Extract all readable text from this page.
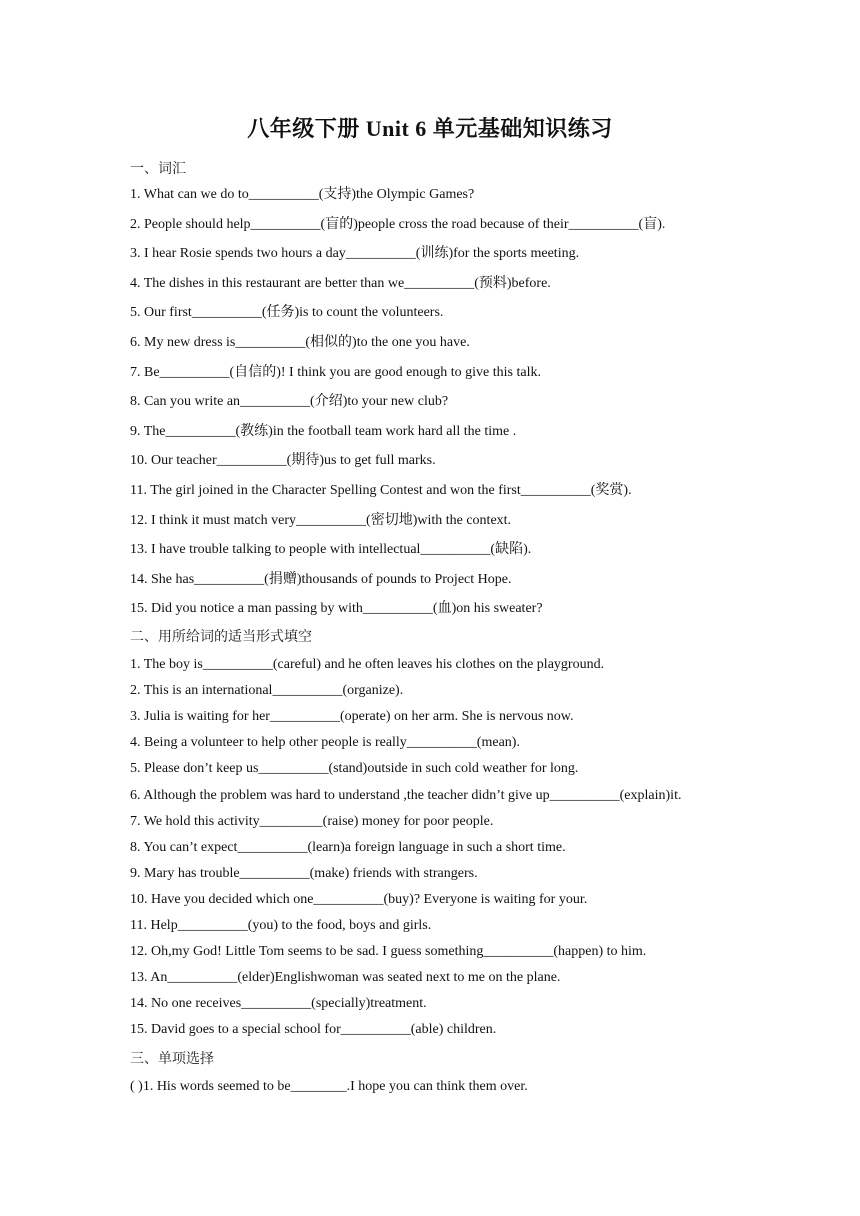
八年级下册 Unit 6 单元基础知识练习
一、词汇
1. What can we do to__________(支持)the Olympic Games?
2. People should help__________(盲的)people cross the road because of their__________(盲).
3. I hear Rosie spends two hours a day__________(训练)for the sports meeting.
4. The dishes in this restaurant are better than we__________(预料)before.
5. Our first__________(任务)is to count the volunteers.
6. My new dress is__________(相似的)to the one you have.
7. Be__________(自信的)! I think you are good enough to give this talk.
8. Can you write an__________(介绍)to your new club?
9. The__________(教练)in the football team work hard all the time .
10. Our teacher__________(期待)us to get full marks.
11. The girl joined in the Character Spelling Contest and won the first__________(奖赏).
12. I think it must match very__________(密切地)with the context.
13. I have trouble talking to people with intellectual__________(缺陷).
14. She has__________(捐赠)thousands of pounds to Project Hope.
15. Did you notice a man passing by with__________(血)on his sweater?
二、用所给词的适当形式填空
1. The boy is__________(careful) and he often leaves his clothes on the playground.
2. This is an international__________(organize).
3. Julia is waiting for her__________(operate) on her arm. She is nervous now.
4. Being a volunteer to help other people is really__________(mean).
5. Please don’t keep us__________(stand)outside in such cold weather for long.
6. Although the problem was hard to understand ,the teacher didn’t give up__________(explain)it.
7. We hold this activity_________(raise) money for poor people.
8. You can’t expect__________(learn)a foreign language in such a short time.
9. Mary has trouble__________(make) friends with strangers.
10. Have you decided which one__________(buy)? Everyone is waiting for your.
11. Help__________(you) to the food, boys and girls.
12. Oh,my God! Little Tom seems to be sad. I guess something__________(happen) to him.
13. An__________(elder)Englishwoman was seated next to me on the plane.
14. No one receives__________(specially)treatment.
15. David goes to a special school for__________(able) children.
三、单项选择
( )1. His words seemed to be________.I hope you can think them over.
